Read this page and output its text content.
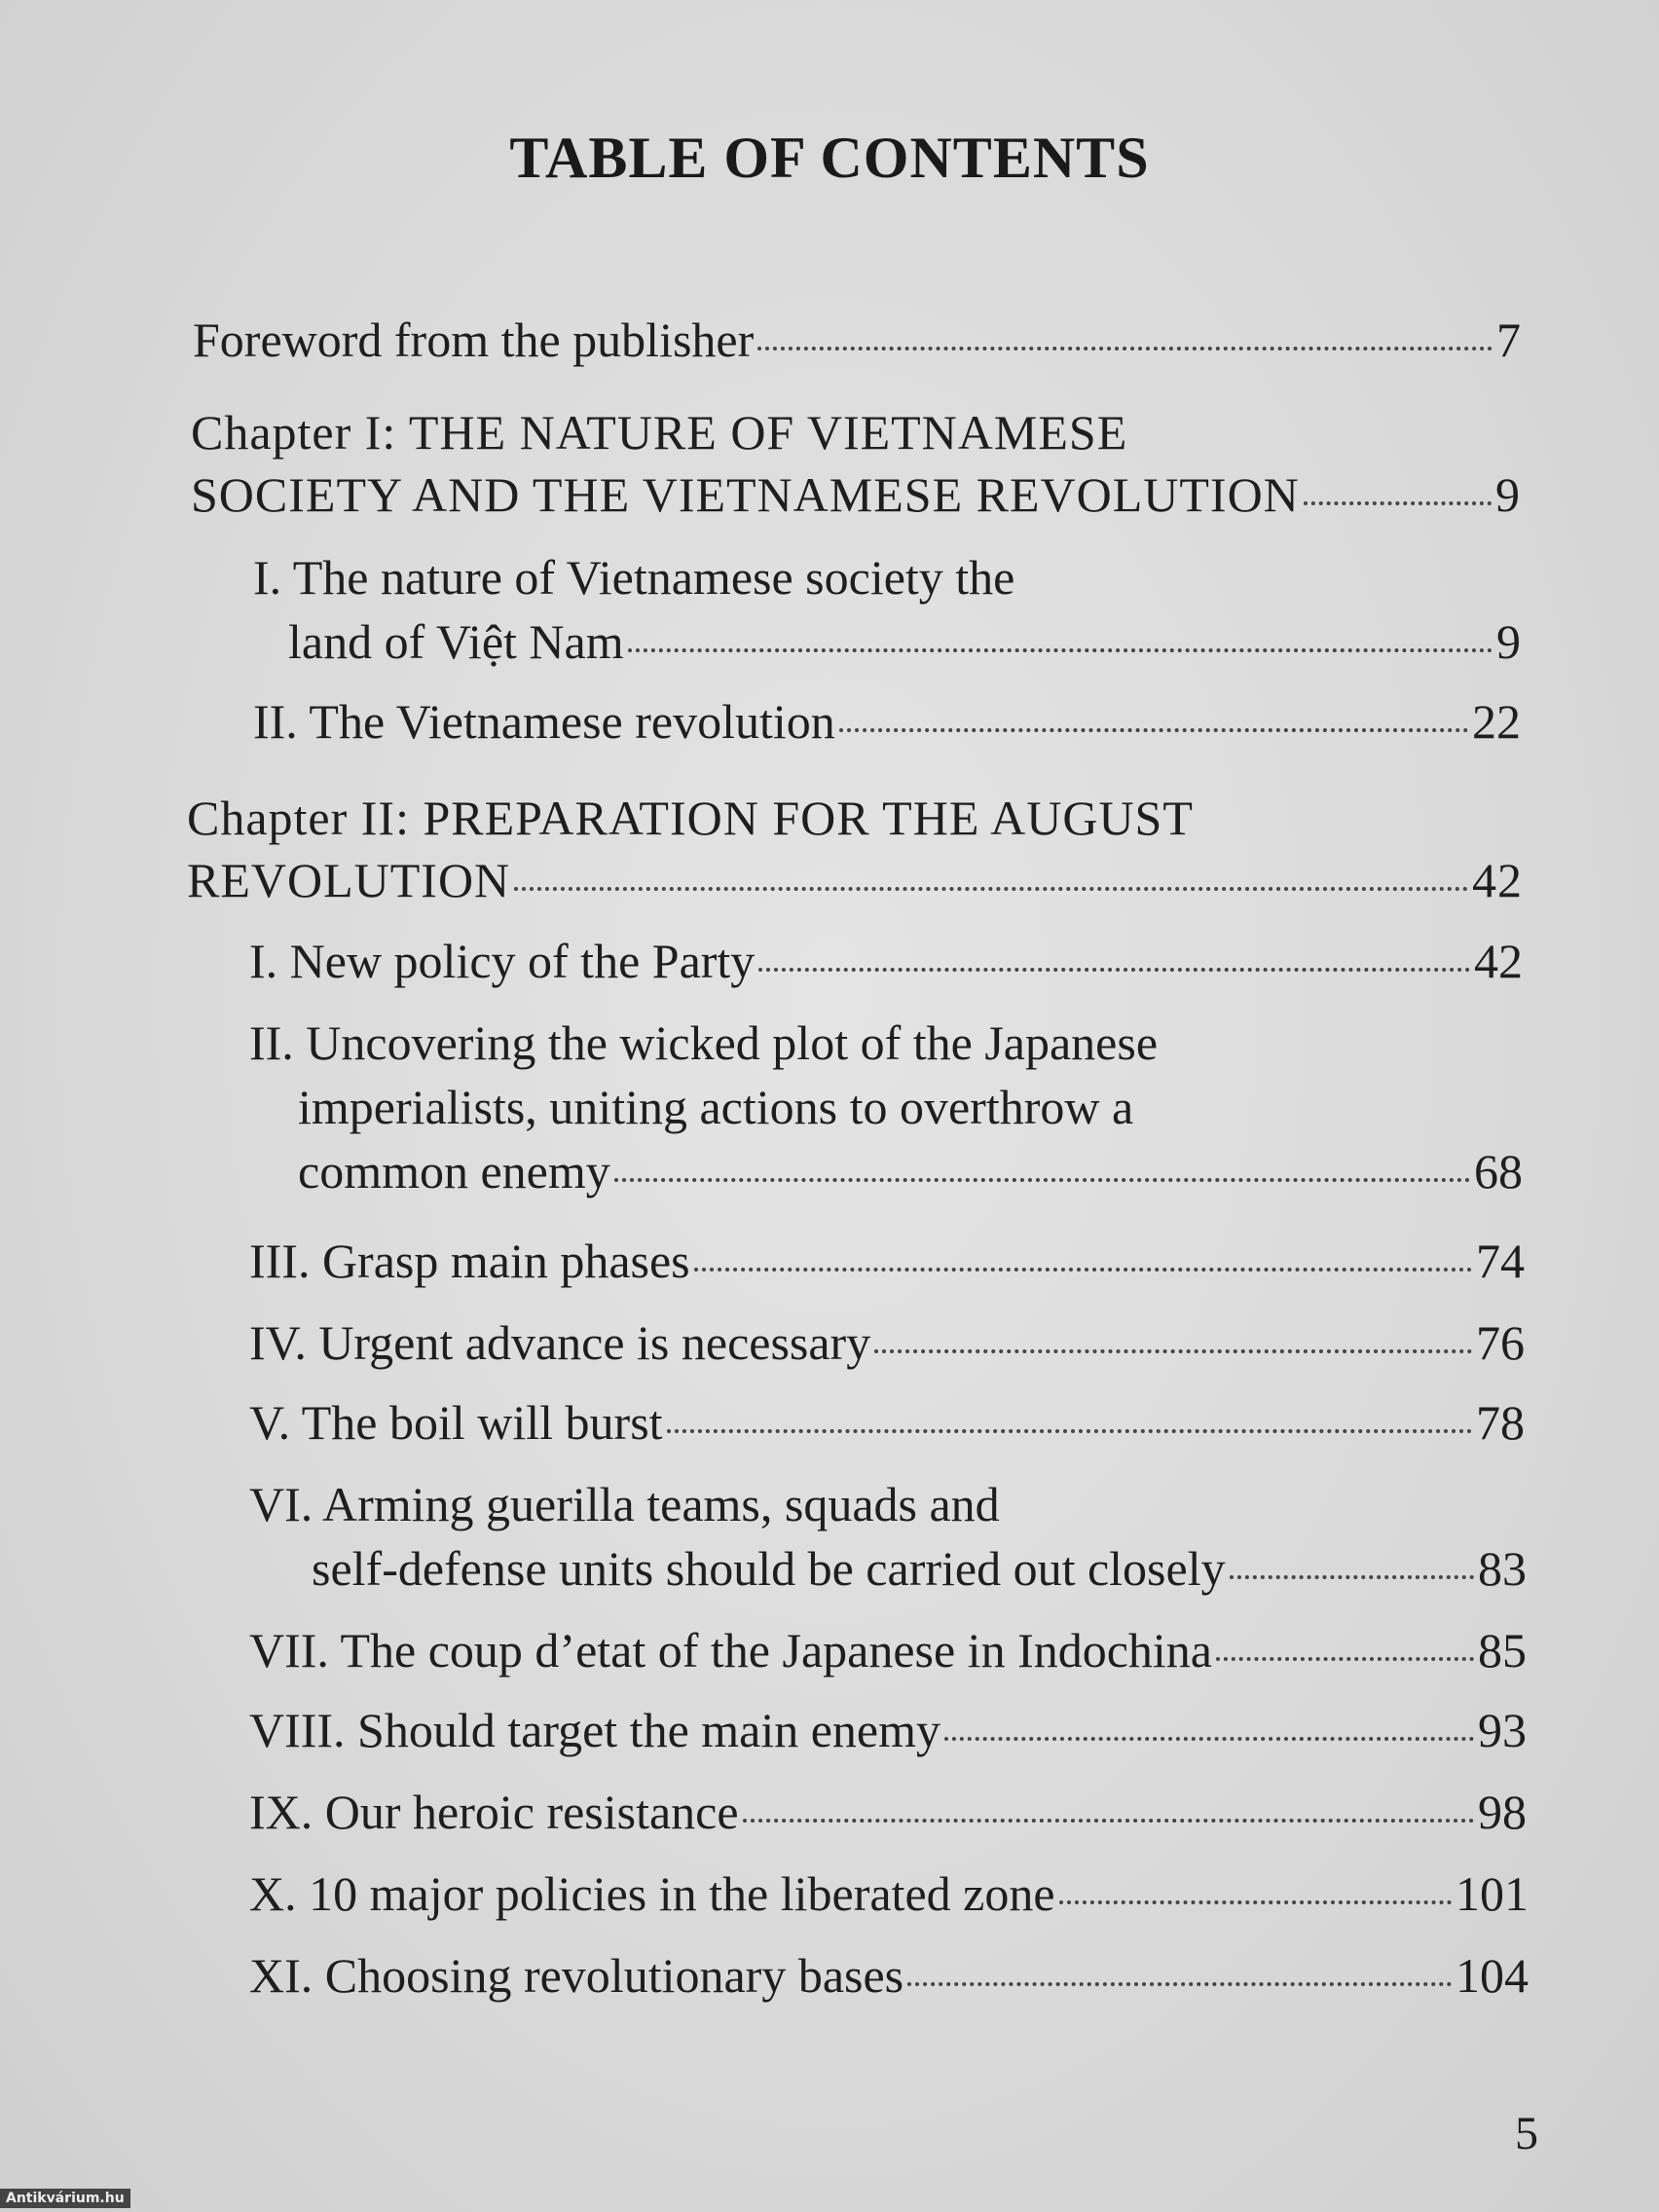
TABLE OF CONTENTS
Foreword from the publisher	7
Chapter I: THE NATURE OF VIETNAMESE
SOCIETY AND THE VIETNAMESE REVOLUTION	9
I. The nature of Vietnamese society the
land of Việt Nam	9
II. The Vietnamese revolution	22
Chapter II: PREPARATION FOR THE AUGUST
REVOLUTION	42
I. New policy of the Party	42
II. Uncovering the wicked plot of the Japanese
imperialists, uniting actions to overthrow a
common enemy	68
III. Grasp main phases	74
IV. Urgent advance is necessary	76
V. The boil will burst	78
VI. Arming guerilla teams, squads and
self-defense units should be carried out closely	83
VII. The coup d’etat of the Japanese in Indochina	85
VIII. Should target the main enemy	93
IX. Our heroic resistance	98
X. 10 major policies in the liberated zone	101
XI. Choosing revolutionary bases	104
5
Antikvárium.hu
